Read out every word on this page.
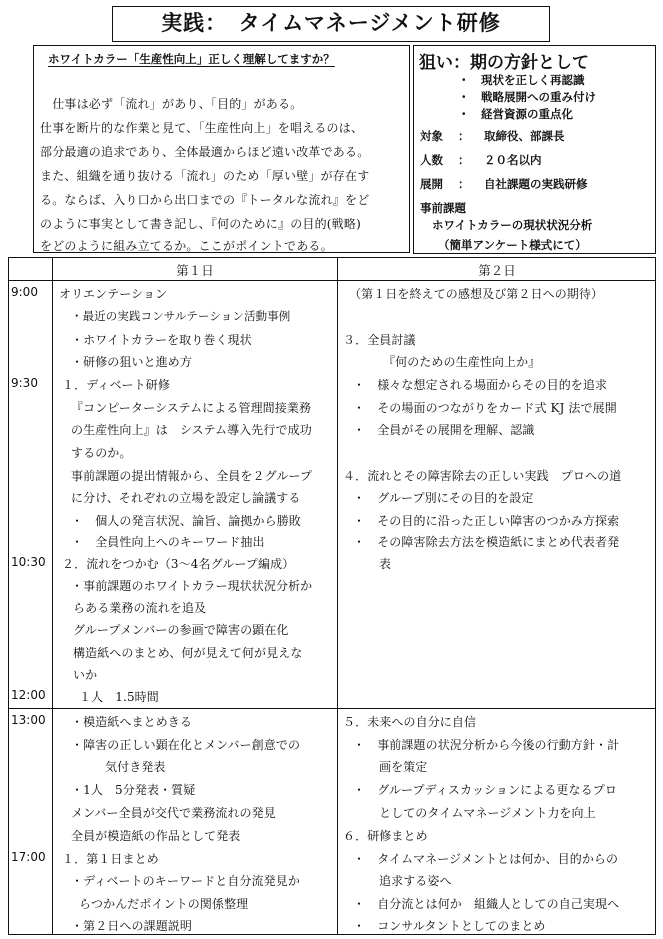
実践：　タイムマネージメント研修
ホワイトカラー「生産性向上」正しく理解してますか？
　仕事は必ず「流れ」があり、「目的」がある。
仕事を断片的な作業と見て、「生産性向上」を唱えるのは、
部分最適の追求であり、全体最適からほど遠い改革である。
また、組織を通り抜ける「流れ」のため「厚い壁」が存在す
る。ならば、入り口から出口までの『トータルな流れ』をど
のように事実として書き記し、『何のために』の目的(戦略)
をどのように組み立てるか。ここがポイントである。
狙い：期の方針として
・　現状を正しく再認識
・　戦略展開への重み付け
・　経営資源の重点化
対象 ： 取締役、部課長
人数 ： ２０名以内
展開 ： 自社課題の実践研修
事前課題
ホワイトカラーの現状状況分析
（簡単アンケート様式にて）
第１日	第２日
9:00
9:30
10:30
12:00
13:00
17:00
オリエンテーション
・最近の実践コンサルテーション活動事例
・ホワイトカラーを取り巻く現状
・研修の狙いと進め方
１．ディベート研修
『コンピーターシステムによる管理間接業務
の生産性向上』は　システム導入先行で成功
するのか。
事前課題の提出情報から、全員を２グループ
に分け、それぞれの立場を設定し論議する
・　個人の発言状況、論旨、論拠から勝敗
・　全員性向上へのキーワード抽出
２．流れをつかむ（3～4名グループ編成）
・事前課題のホワイトカラー現状状況分析か
らある業務の流れを追及
グループメンバーの参画で障害の顕在化
構造紙へのまとめ、何が見えて何が見えな
いか
１人　1.5時間
（第１日を終えての感想及び第２日への期待）
３．全員討議
『何のための生産性向上か』
・　様々な想定される場面からその目的を追求
・　その場面のつながりをカード式 KJ 法で展開
・　全員がその展開を理解、認識
４．流れとその障害除去の正しい実践　プロへの道
・　グループ別にその目的を設定
・　その目的に沿った正しい障害のつかみ方探索
・　その障害除去方法を模造紙にまとめ代表者発
表
・模造紙へまとめきる
・障害の正しい顕在化とメンバー創意での
気付き発表
・1人　5分発表・質疑
メンバー全員が交代で業務流れの発見
全員が模造紙の作品として発表
１．第１日まとめ
・ディベートのキーワードと自分流発見か
らつかんだポイントの関係整理
・第２日への課題説明
５．未来への自分に自信
・　事前課題の状況分析から今後の行動方針・計
画を策定
・　グループディスカッションによる更なるプロ
としてのタイムマネージメント力を向上
６．研修まとめ
・　タイムマネージメントとは何か、目的からの
追求する姿へ
・　自分流とは何か　組織人としての自己実現へ
・　コンサルタントとしてのまとめ
